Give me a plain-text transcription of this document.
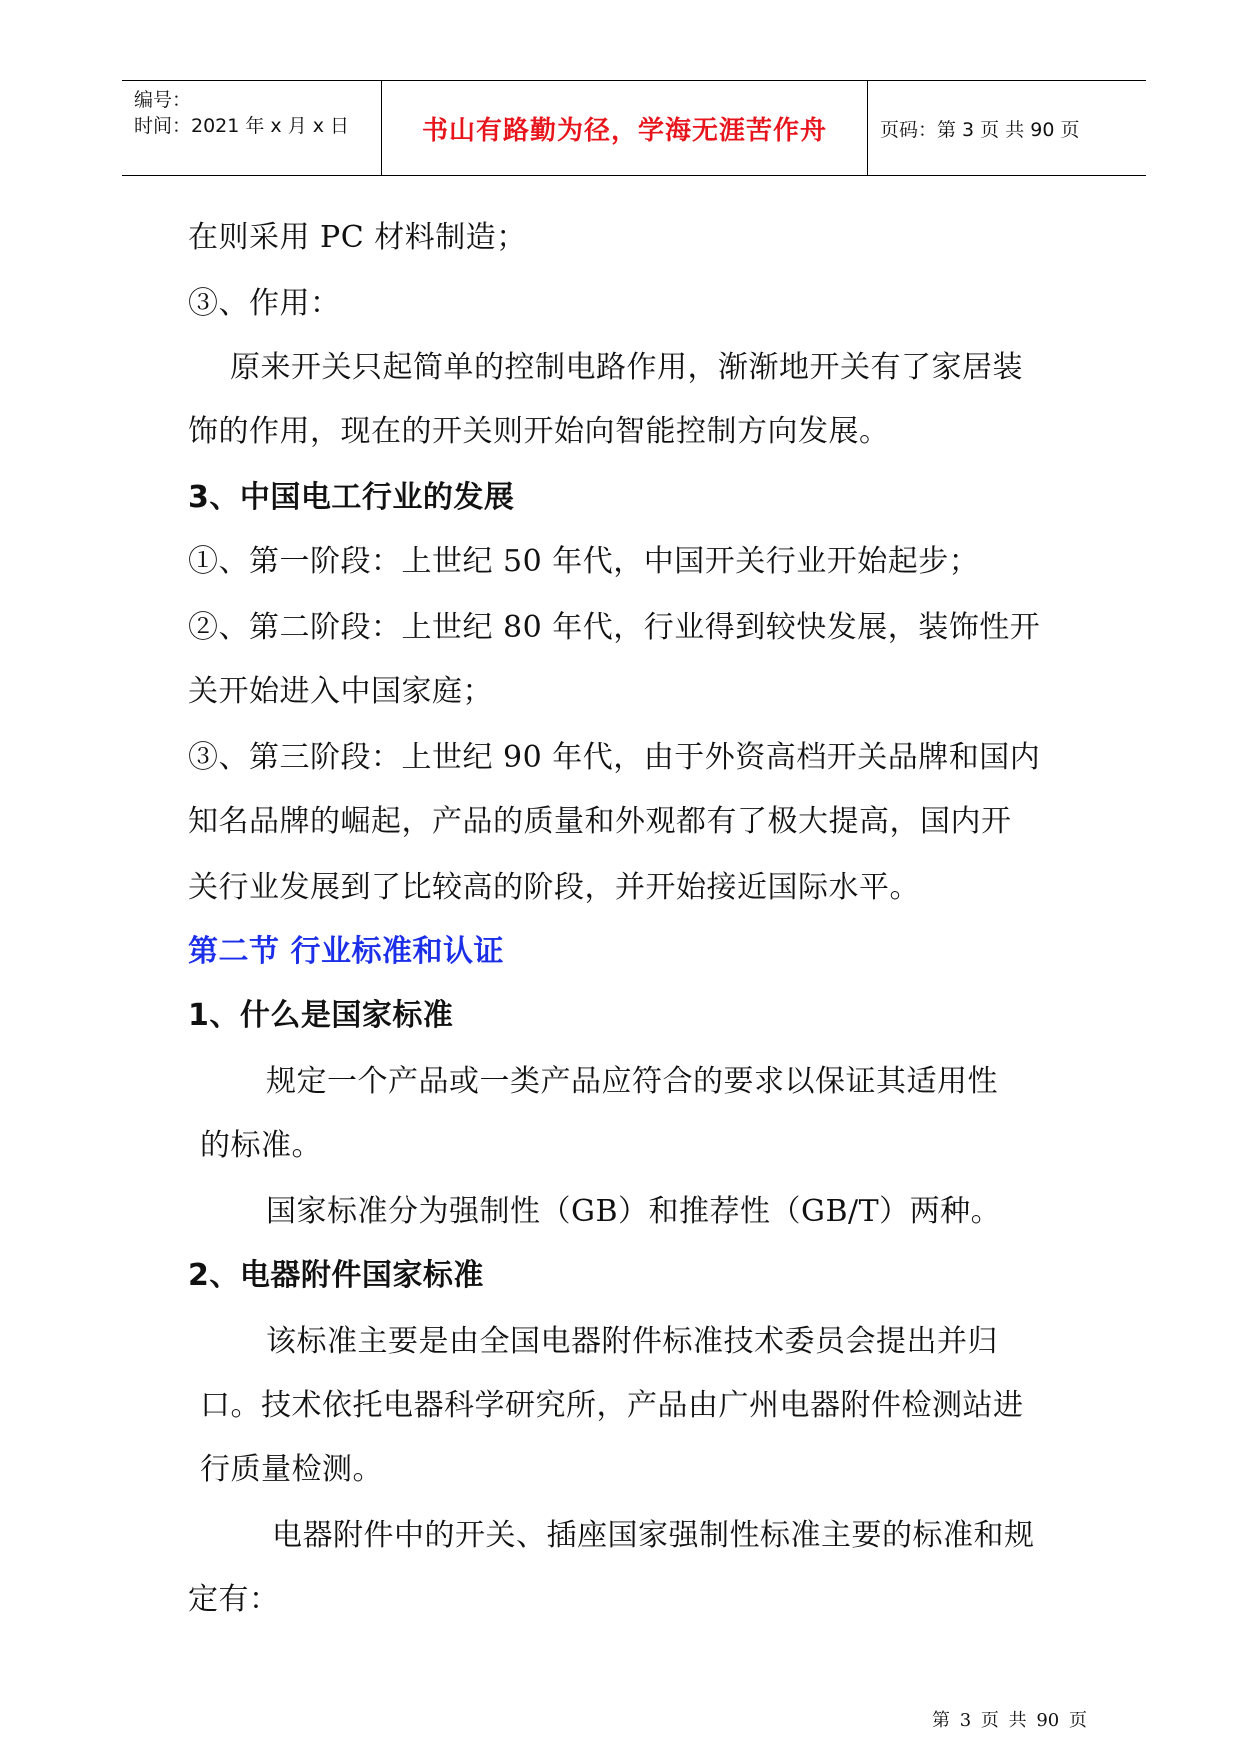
编号：
时间：2021 年 x 月 x 日	书山有路勤为径，学海无涯苦作舟	页码：第 3 页 共 90 页
在则采用 PC 材料制造；
③、作用：
原来开关只起简单的控制电路作用，渐渐地开关有了家居装
饰的作用，现在的开关则开始向智能控制方向发展。
3、中国电工行业的发展
①、第一阶段：上世纪 50 年代，中国开关行业开始起步；
②、第二阶段：上世纪 80 年代，行业得到较快发展，装饰性开
关开始进入中国家庭；
③、第三阶段：上世纪 90 年代，由于外资高档开关品牌和国内
知名品牌的崛起，产品的质量和外观都有了极大提高，国内开
关行业发展到了比较高的阶段，并开始接近国际水平。
第二节 行业标准和认证
1、什么是国家标准
规定一个产品或一类产品应符合的要求以保证其适用性
的标准。
国家标准分为强制性（GB）和推荐性（GB/T）两种。
2、电器附件国家标准
该标准主要是由全国电器附件标准技术委员会提出并归
口。技术依托电器科学研究所，产品由广州电器附件检测站进
行质量检测。
电器附件中的开关、插座国家强制性标准主要的标准和规
定有：
第 3 页 共 90 页
